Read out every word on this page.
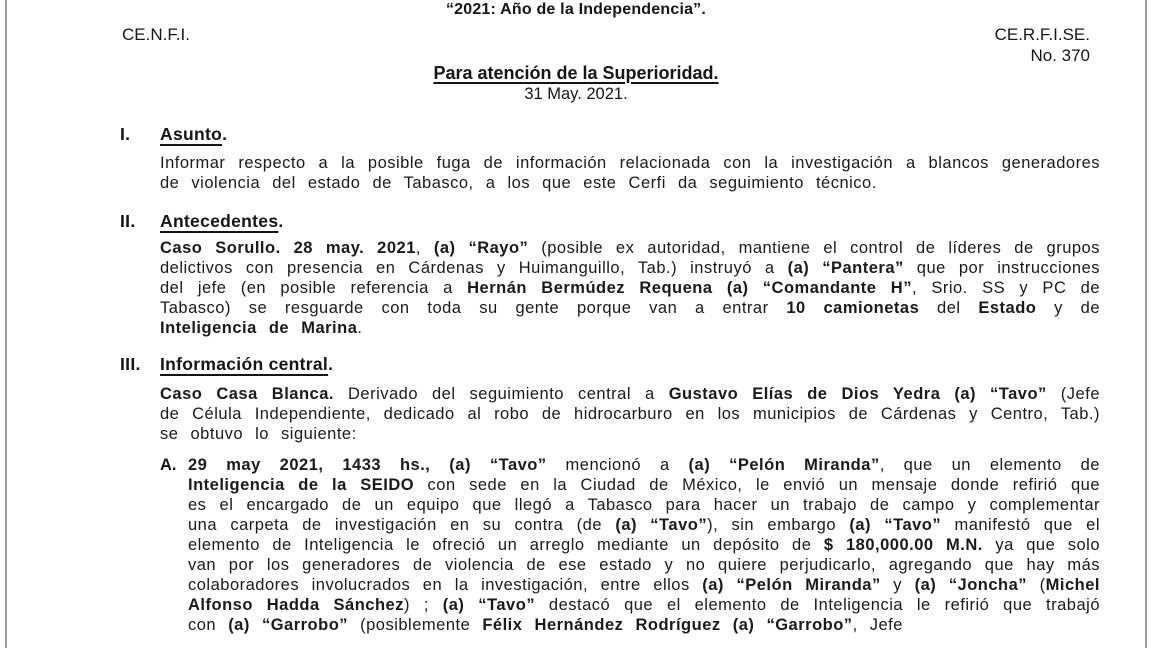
“2021: Año de la Independencia”.
CE.N.F.I.	CE.R.F.I.SE.
No. 370
Para atención de la Superioridad.
31 May. 2021.
I. Asunto.
Informar respecto a la posible fuga de información relacionada con la investigación a blancos generadores de violencia del estado de Tabasco, a los que este Cerfi da seguimiento técnico.
II. Antecedentes.
Caso Sorullo. 28 may. 2021, (a) “Rayo” (posible ex autoridad, mantiene el control de líderes de grupos delictivos con presencia en Cárdenas y Huimanguillo, Tab.) instruyó a (a) “Pantera” que por instrucciones del jefe (en posible referencia a Hernán Bermúdez Requena (a) “Comandante H”, Srio. SS y PC de Tabasco) se resguarde con toda su gente porque van a entrar 10 camionetas del Estado y de Inteligencia de Marina.
III. Información central.
Caso Casa Blanca. Derivado del seguimiento central a Gustavo Elías de Dios Yedra (a) “Tavo” (Jefe de Célula Independiente, dedicado al robo de hidrocarburo en los municipios de Cárdenas y Centro, Tab.) se obtuvo lo siguiente:
A. 29 may 2021, 1433 hs., (a) “Tavo” mencionó a (a) “Pelón Miranda”, que un elemento de Inteligencia de la SEIDO con sede en la Ciudad de México, le envió un mensaje donde refirió que es el encargado de un equipo que llegó a Tabasco para hacer un trabajo de campo y complementar una carpeta de investigación en su contra (de (a) “Tavo”), sin embargo (a) “Tavo” manifestó que el elemento de Inteligencia le ofreció un arreglo mediante un depósito de $ 180,000.00 M.N. ya que solo van por los generadores de violencia de ese estado y no quiere perjudicarlo, agregando que hay más colaboradores involucrados en la investigación, entre ellos (a) “Pelón Miranda” y (a) “Joncha” (Michel Alfonso Hadda Sánchez) ; (a) “Tavo” destacó que el elemento de Inteligencia le refirió que trabajó con (a) “Garrobo” (posiblemente Félix Hernández Rodríguez (a) “Garrobo”, Jefe
